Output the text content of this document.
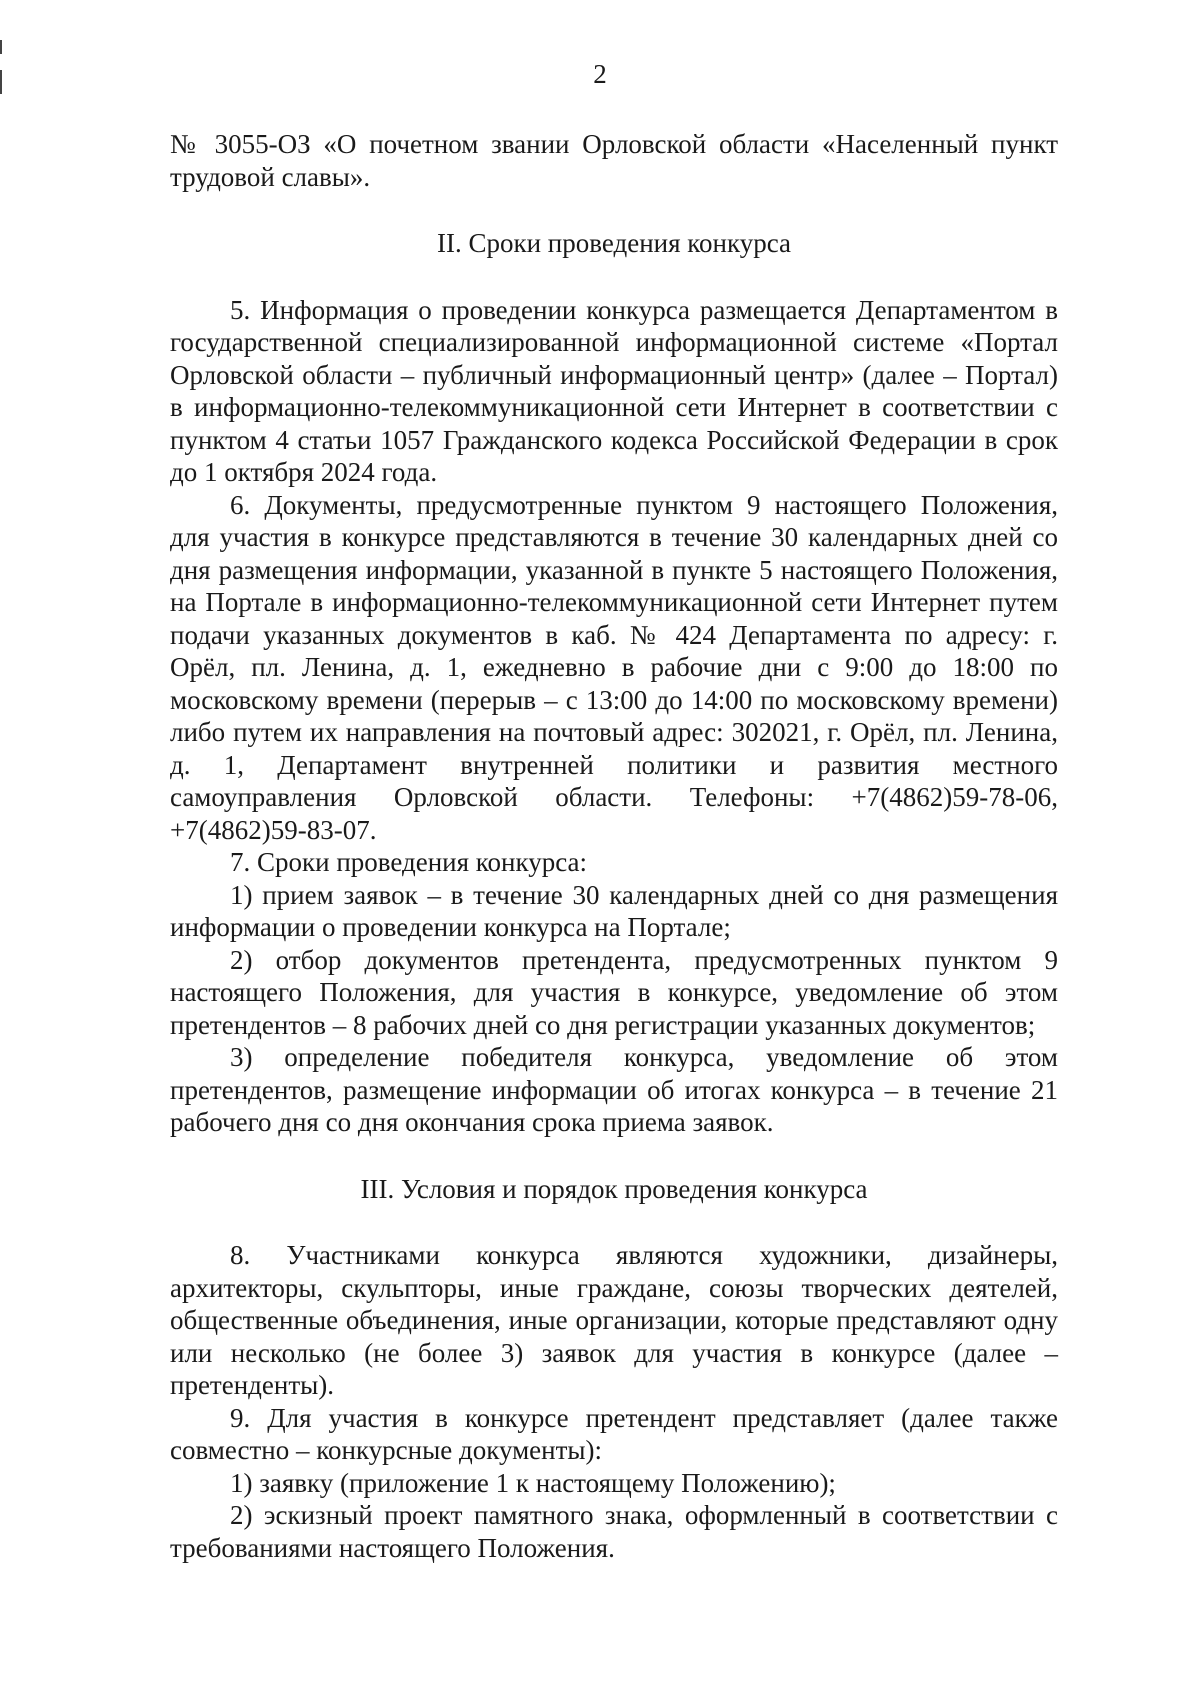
2

№ 3055-ОЗ «О почетном звании Орловской области «Населенный пункт трудовой славы».

II. Сроки проведения конкурса

5. Информация о проведении конкурса размещается Департаментом в государственной специализированной информационной системе «Портал Орловской области – публичный информационный центр» (далее – Портал) в информационно-телекоммуникационной сети Интернет в соответствии с пунктом 4 статьи 1057 Гражданского кодекса Российской Федерации в срок до 1 октября 2024 года.

6. Документы, предусмотренные пунктом 9 настоящего Положения, для участия в конкурсе представляются в течение 30 календарных дней со дня размещения информации, указанной в пункте 5 настоящего Положения, на Портале в информационно-телекоммуникационной сети Интернет путем подачи указанных документов в каб. № 424 Департамента по адресу: г. Орёл, пл. Ленина, д. 1, ежедневно в рабочие дни с 9:00 до 18:00 по московскому времени (перерыв – с 13:00 до 14:00 по московскому времени) либо путем их направления на почтовый адрес: 302021, г. Орёл, пл. Ленина, д. 1, Департамент внутренней политики и развития местного самоуправления Орловской области. Телефоны: +7(4862)59-78-06, +7(4862)59-83-07.

7. Сроки проведения конкурса:

1) прием заявок – в течение 30 календарных дней со дня размещения информации о проведении конкурса на Портале;

2) отбор документов претендента, предусмотренных пунктом 9 настоящего Положения, для участия в конкурсе, уведомление об этом претендентов – 8 рабочих дней со дня регистрации указанных документов;

3) определение победителя конкурса, уведомление об этом претендентов, размещение информации об итогах конкурса – в течение 21 рабочего дня со дня окончания срока приема заявок.

III. Условия и порядок проведения конкурса

8. Участниками конкурса являются художники, дизайнеры, архитекторы, скульпторы, иные граждане, союзы творческих деятелей, общественные объединения, иные организации, которые представляют одну или несколько (не более 3) заявок для участия в конкурсе (далее – претенденты).

9. Для участия в конкурсе претендент представляет (далее также совместно – конкурсные документы):

1) заявку (приложение 1 к настоящему Положению);

2) эскизный проект памятного знака, оформленный в соответствии с требованиями настоящего Положения.
